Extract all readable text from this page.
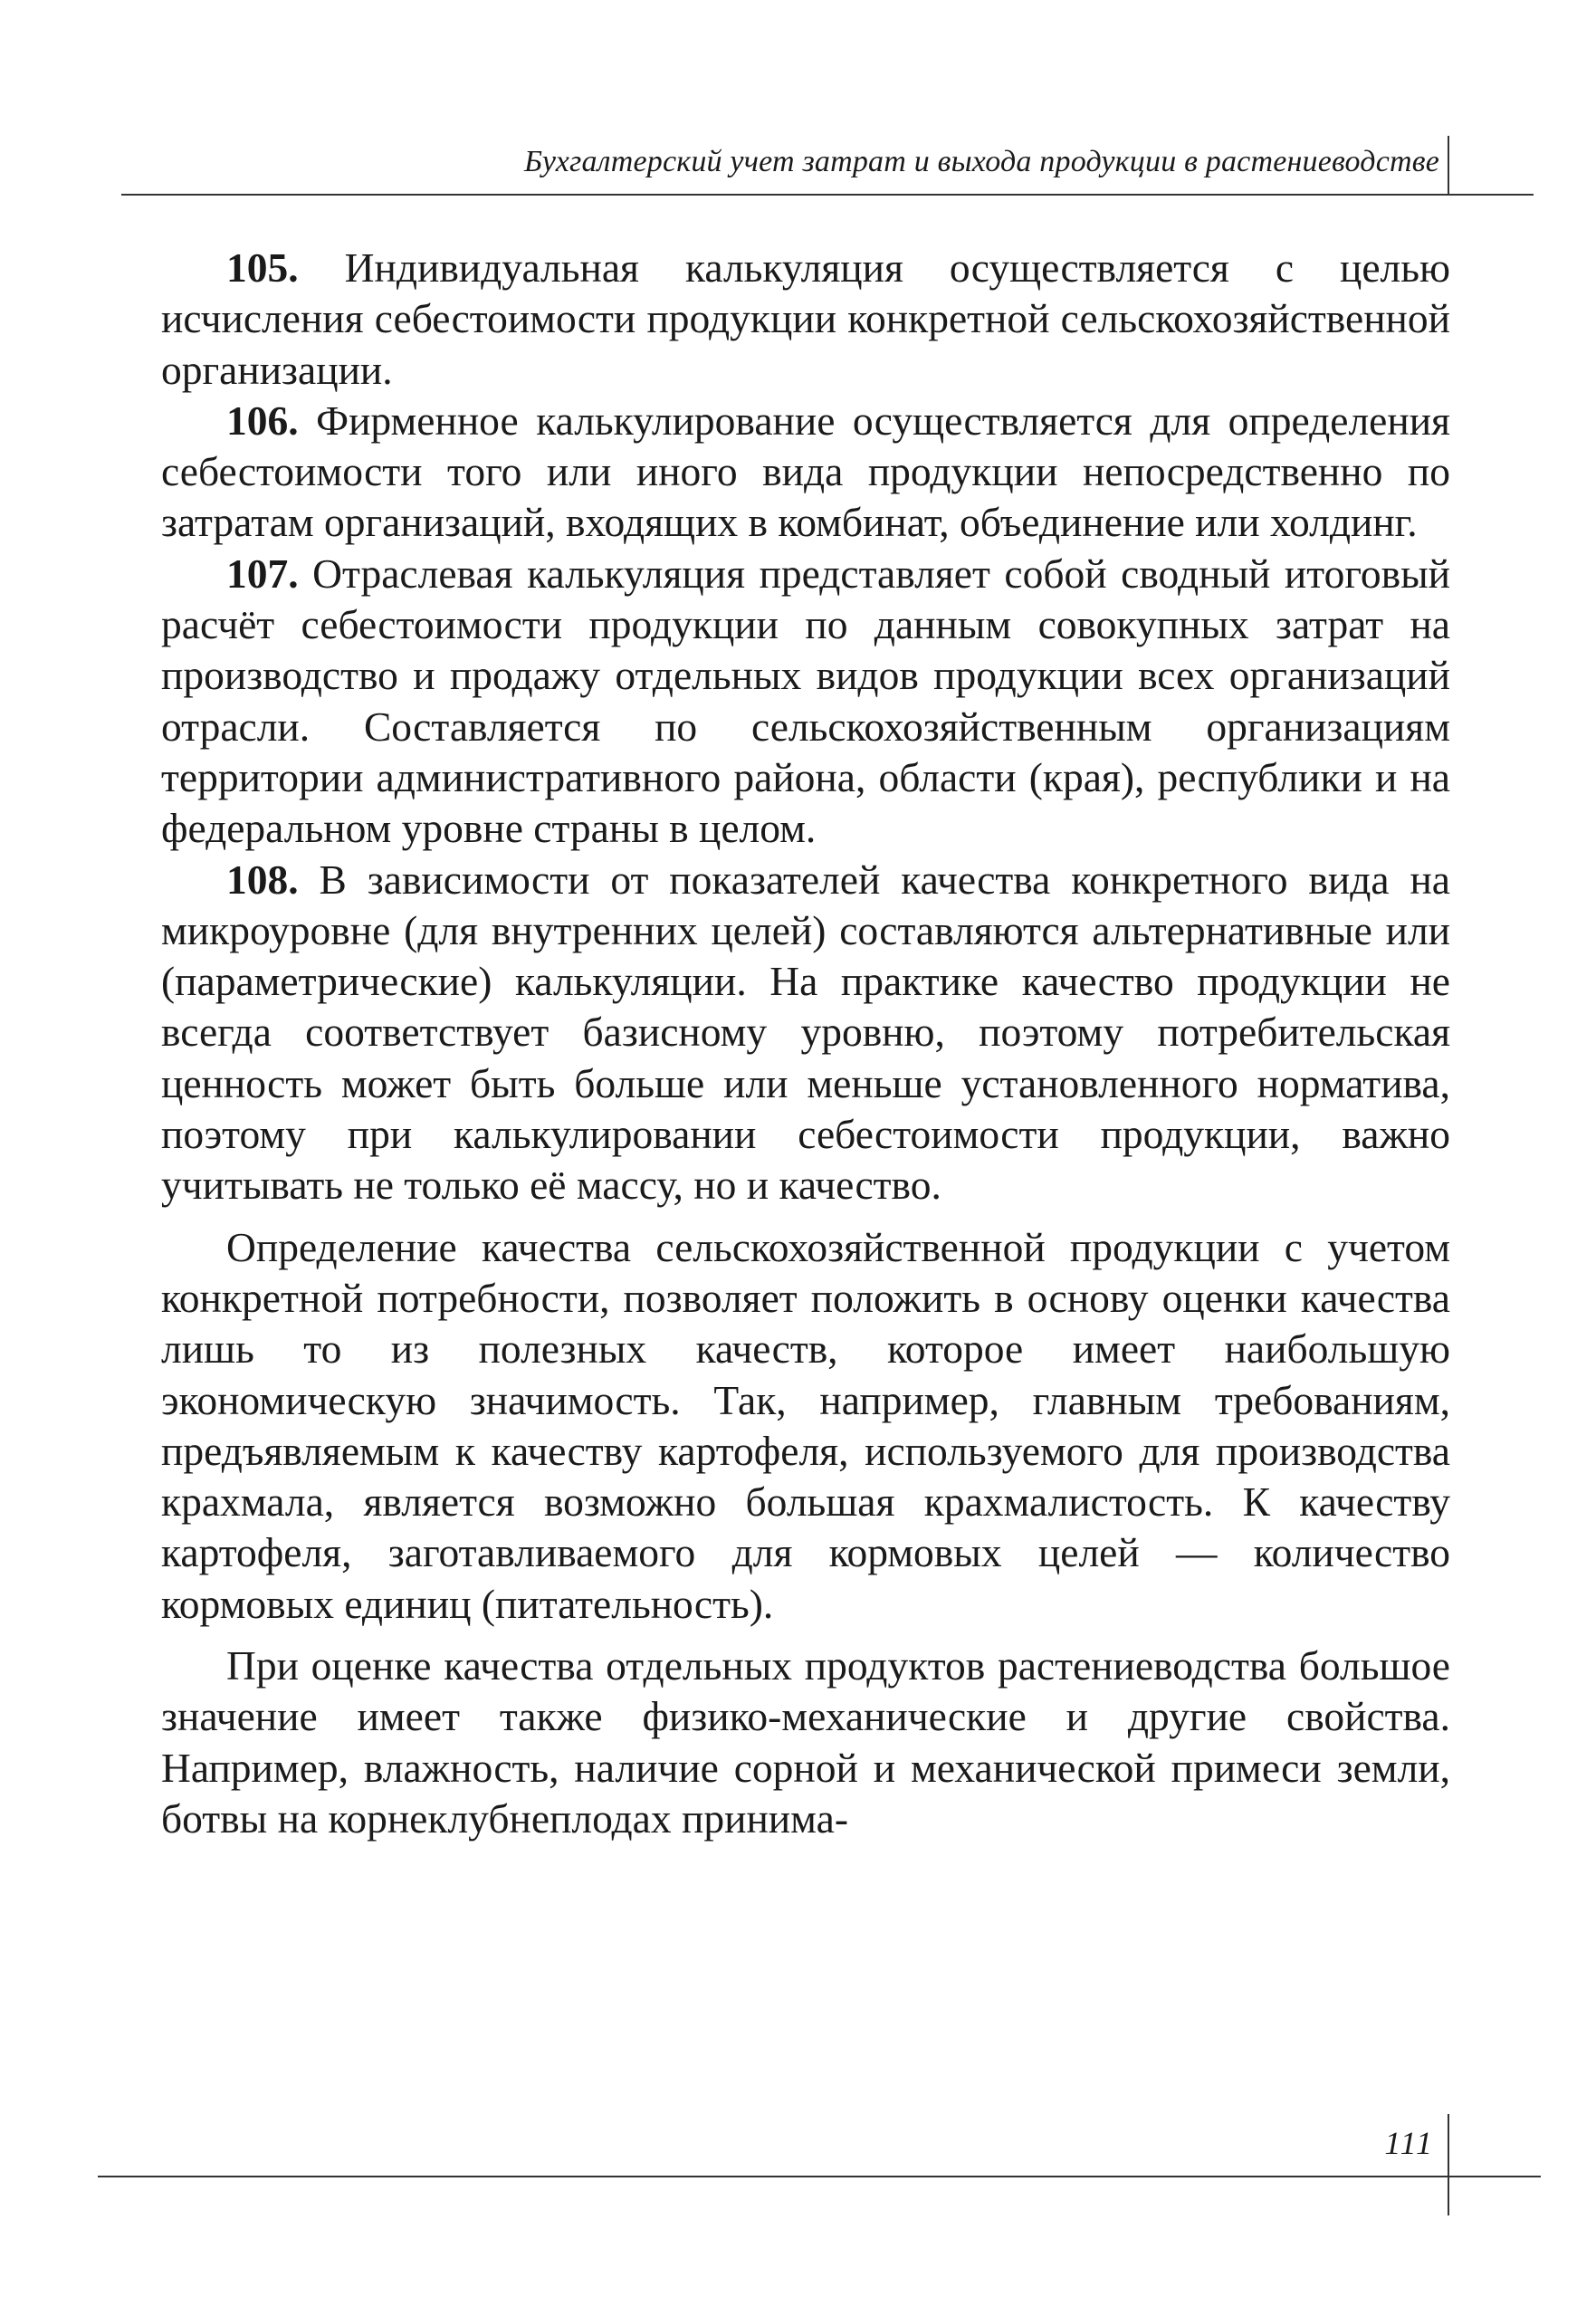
Бухгалтерский учет затрат и выхода продукции в растениеводстве

105. Индивидуальная калькуляция осуществляется с целью исчисления себестоимости продукции конкретной сельскохозяйственной организации.

106. Фирменное калькулирование осуществляется для определения себестоимости того или иного вида продукции непосредственно по затратам организаций, входящих в комбинат, объединение или холдинг.

107. Отраслевая калькуляция представляет собой сводный итоговый расчёт себестоимости продукции по данным совокупных затрат на производство и продажу отдельных видов продукции всех организаций отрасли. Составляется по сельскохозяйственным организациям территории административного района, области (края), республики и на федеральном уровне страны в целом.

108. В зависимости от показателей качества конкретного вида на микроуровне (для внутренних целей) составляются альтернативные или (параметрические) калькуляции. На практике качество продукции не всегда соответствует базисному уровню, поэтому потребительская ценность может быть больше или меньше установленного норматива, поэтому при калькулировании себестоимости продукции, важно учитывать не только её массу, но и качество.

Определение качества сельскохозяйственной продукции с учетом конкретной потребности, позволяет положить в основу оценки качества лишь то из полезных качеств, которое имеет наибольшую экономическую значимость. Так, например, главным требованиям, предъявляемым к качеству картофеля, используемого для производства крахмала, является возможно большая крахмалистость. К качеству картофеля, заготавливаемого для кормовых целей — количество кормовых единиц (питательность).

При оценке качества отдельных продуктов растениеводства большое значение имеет также физико-механические и другие свойства. Например, влажность, наличие сорной и механической примеси земли, ботвы на корнеклубнеплодах принима-

111
